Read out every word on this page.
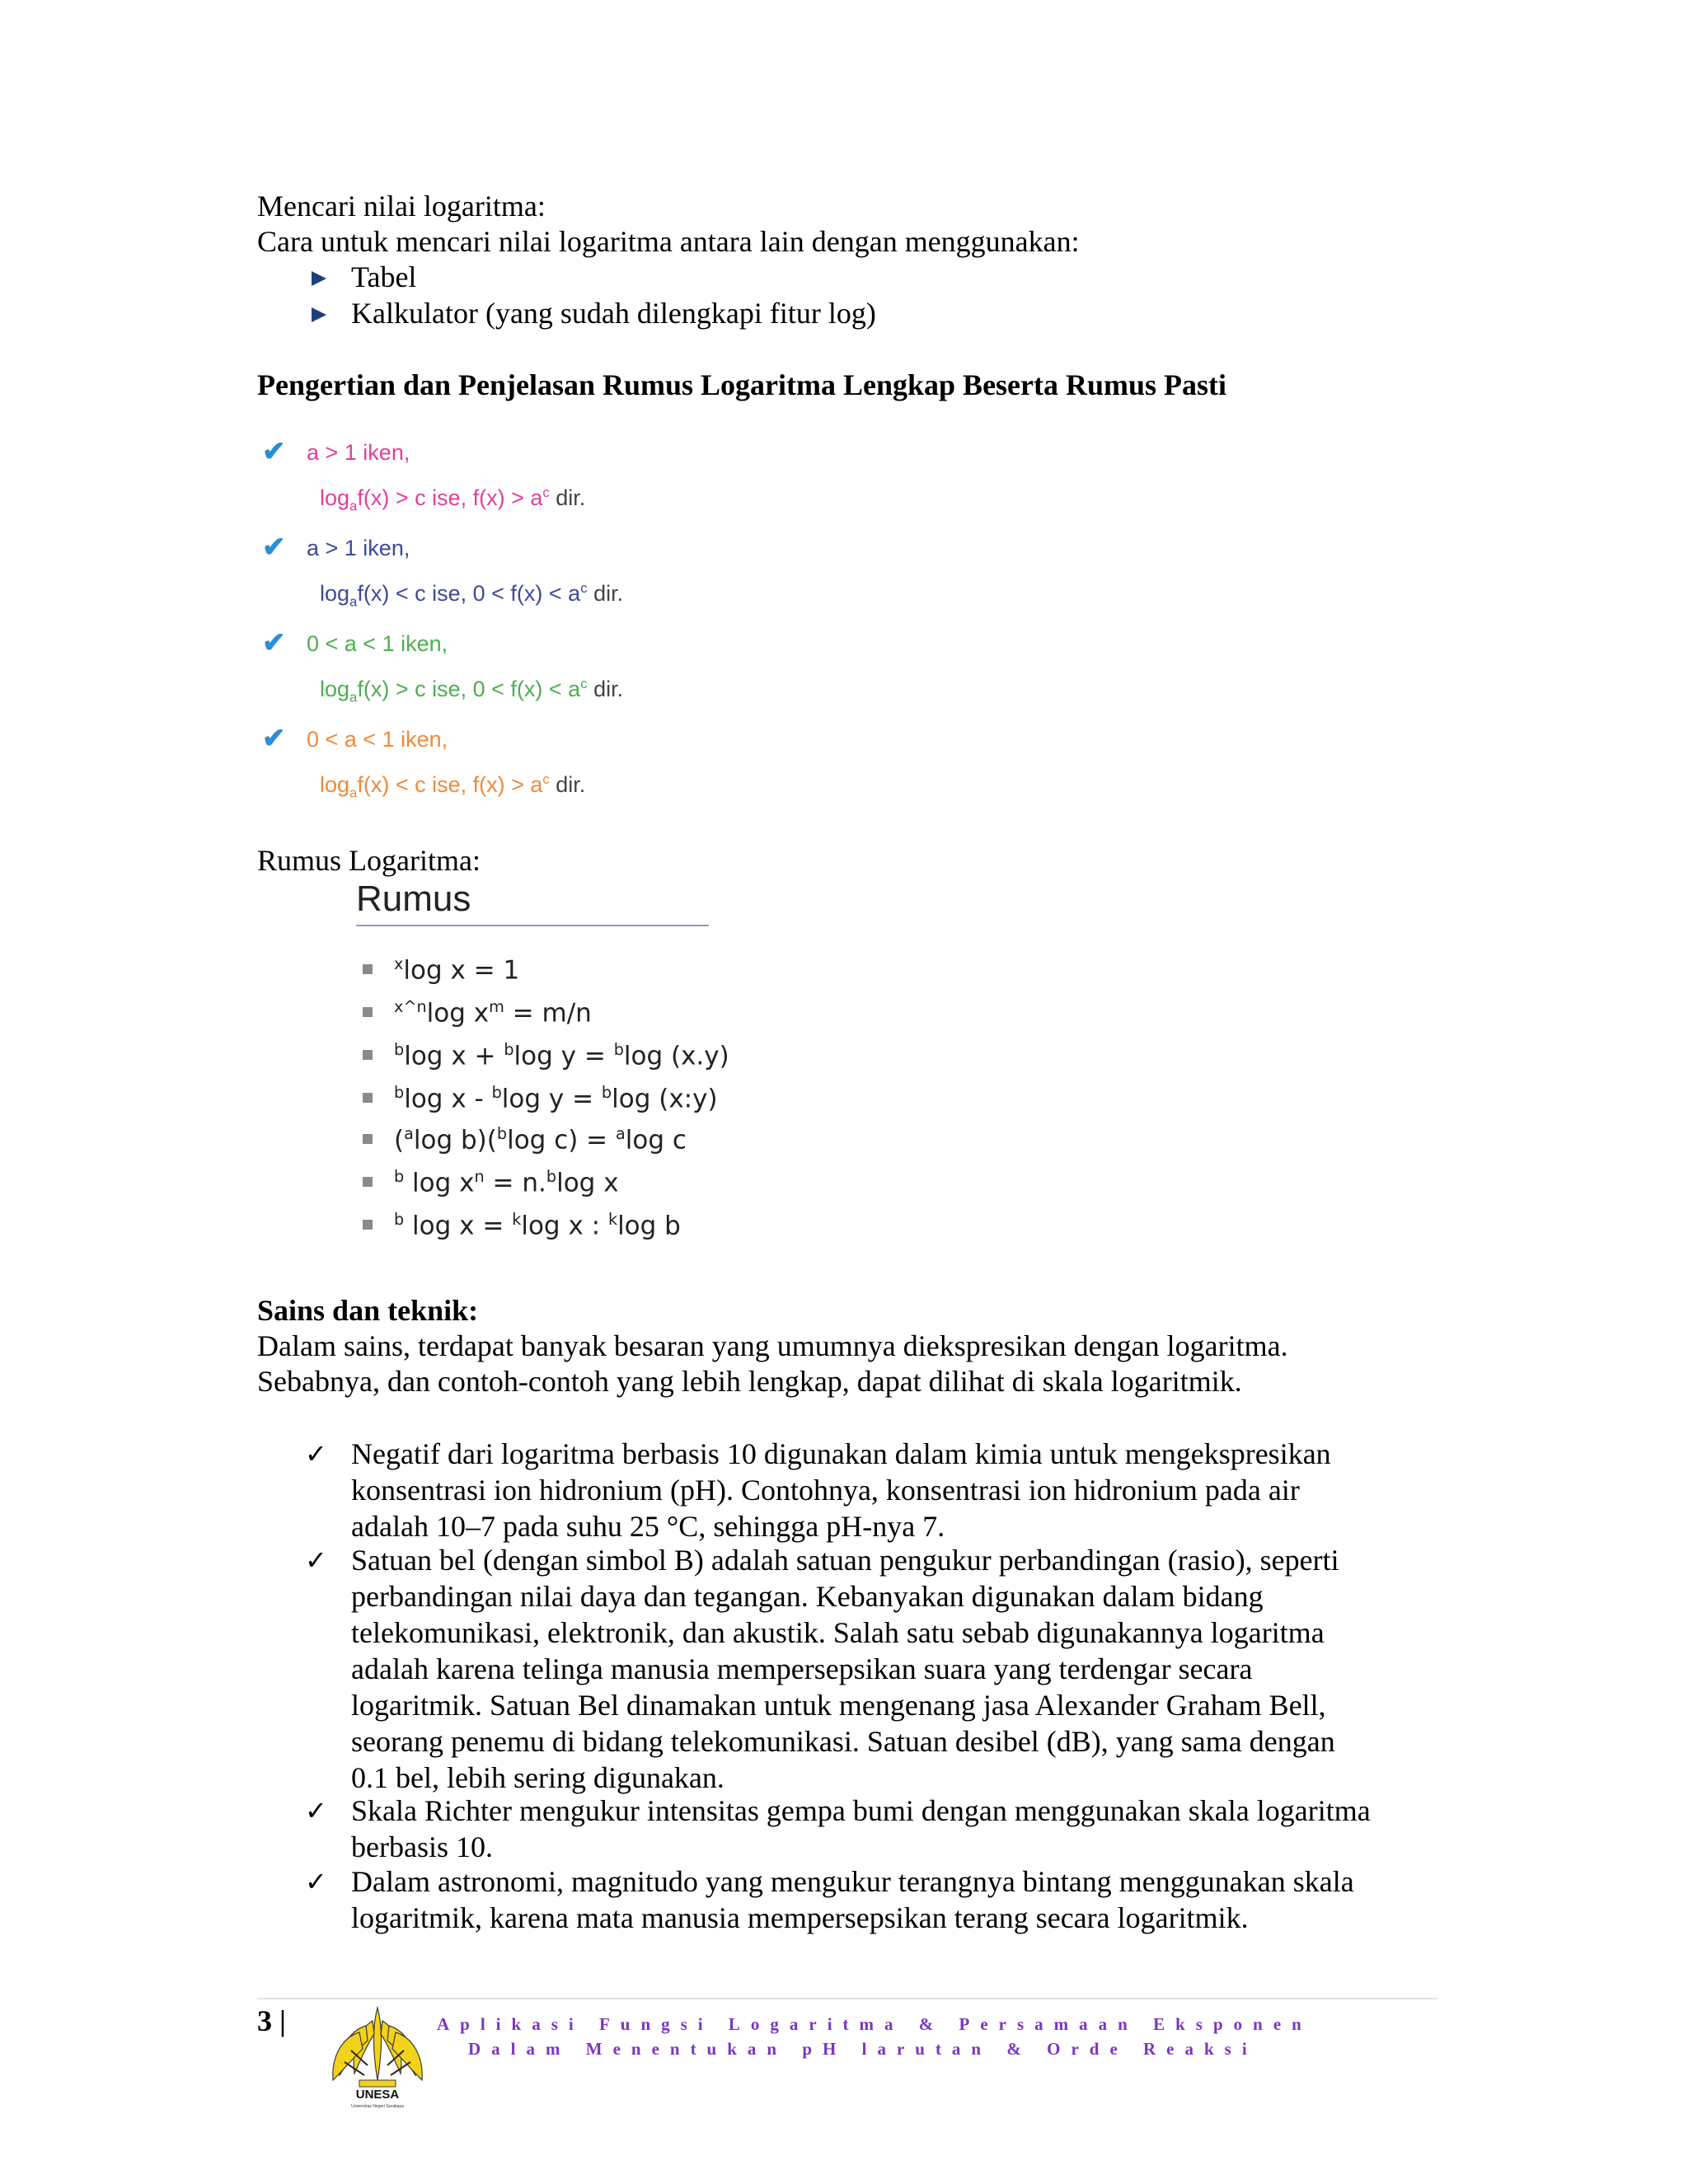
Mencari nilai logaritma:
Cara untuk mencari nilai logaritma antara lain dengan menggunakan:
Tabel
Kalkulator (yang sudah dilengkapi fitur log)
Pengertian dan Penjelasan Rumus Logaritma Lengkap Beserta Rumus Pasti
✔ a > 1 iken,
$\log_af(x) > c$ ise, $f(x) > a^c$ dir.
✔ a > 1 iken,
$\log_af(x) < c$ ise, $0 < f(x) < a^c$ dir.
✔ 0 < a < 1 iken,
$\log_af(x) > c$ ise, $0 < f(x) < a^c$ dir.
✔ 0 < a < 1 iken,
$\log_af(x) < c$ ise, $f(x) > a^c$ dir.
Rumus Logaritma:
Rumus
$^x$log x = 1
$^{x\^{}n}$log $x^m = m/n$
$^b$log x + $^b$log y = $^b$log (x.y)
$^b$log x - $^b$log y = $^b$log (x:y)
($^a$log b)($^b$log c) = $^a$log c
$^b$ $\log x^n = n.^b\log$ x
$^b$ log x = $^k$log x : $^k$log b
Sains dan teknik:
Dalam sains, terdapat banyak besaran yang umumnya diekspresikan dengan logaritma.
Sebabnya, dan contoh-contoh yang lebih lengkap, dapat dilihat di skala logaritmik.
✓ Negatif dari logaritma berbasis 10 digunakan dalam kimia untuk mengekspresikan
konsentrasi ion hidronium (pH). Contohnya, konsentrasi ion hidronium pada air
adalah 10–7 pada suhu 25 °C, sehingga pH-nya 7.
✓ Satuan bel (dengan simbol B) adalah satuan pengukur perbandingan (rasio), seperti
perbandingan nilai daya dan tegangan. Kebanyakan digunakan dalam bidang
telekomunikasi, elektronik, dan akustik. Salah satu sebab digunakannya logaritma
adalah karena telinga manusia mempersepsikan suara yang terdengar secara
logaritmik. Satuan Bel dinamakan untuk mengenang jasa Alexander Graham Bell,
seorang penemu di bidang telekomunikasi. Satuan desibel (dB), yang sama dengan
0.1 bel, lebih sering digunakan.
✓ Skala Richter mengukur intensitas gempa bumi dengan menggunakan skala logaritma
berbasis 10.
✓ Dalam astronomi, magnitudo yang mengukur terangnya bintang menggunakan skala
logaritmik, karena mata manusia mempersepsikan terang secara logaritmik.
3 |
UNESA
Universitas Negeri Surabaya
Aplikasi Fungsi Logaritma & Persamaan Eksponen
Dalam Menentukan pH larutan & Orde Reaksi
